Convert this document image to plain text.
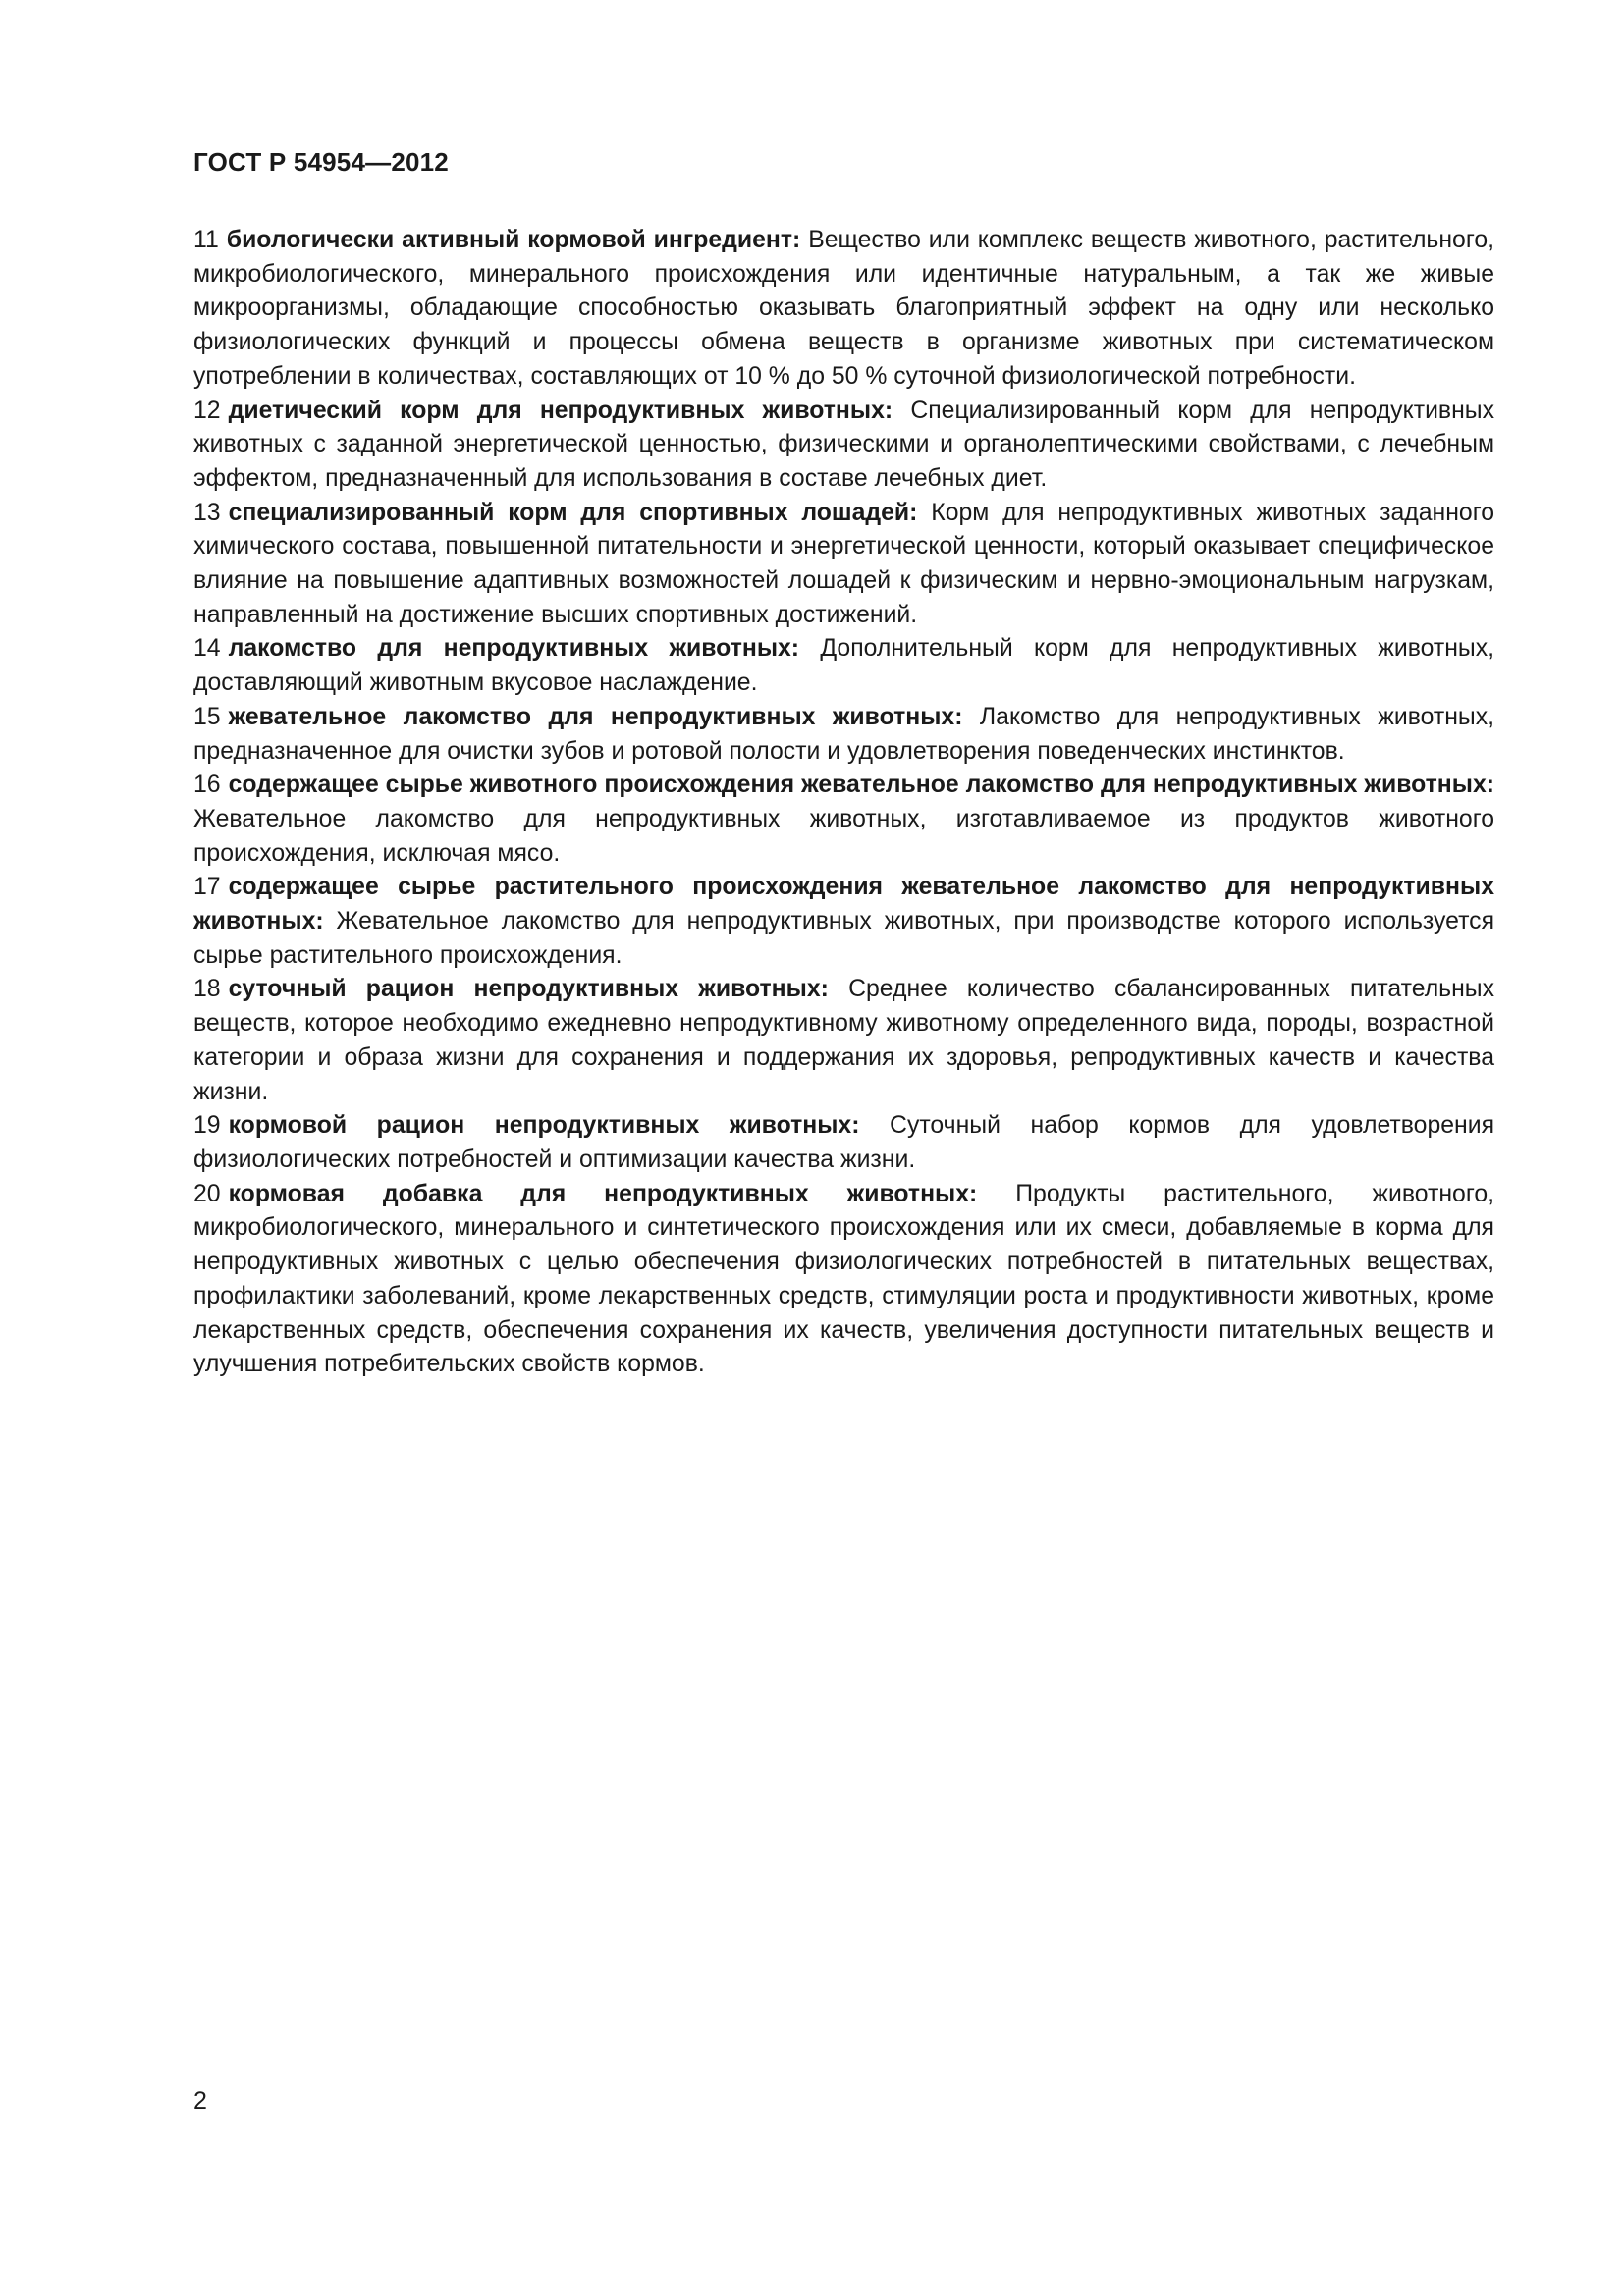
ГОСТ Р 54954—2012

11 биологически активный кормовой ингредиент: Вещество или комплекс веществ животного, растительного, микробиологического, минерального происхождения или идентичные натуральным, а так же живые микроорганизмы, обладающие способностью оказывать благоприятный эффект на одну или несколько физиологических функций и процессы обмена веществ в организме животных при систематическом употреблении в количествах, составляющих от 10 % до 50 % суточной физиологической потребности.

12 диетический корм для непродуктивных животных: Специализированный корм для непродуктивных животных с заданной энергетической ценностью, физическими и органолептическими свойствами, с лечебным эффектом, предназначенный для использования в составе лечебных диет.

13 специализированный корм для спортивных лошадей: Корм для непродуктивных животных заданного химического состава, повышенной питательности и энергетической ценности, который оказывает специфическое влияние на повышение адаптивных возможностей лошадей к физическим и нервно-эмоциональным нагрузкам, направленный на достижение высших спортивных достижений.

14 лакомство для непродуктивных животных: Дополнительный корм для непродуктивных животных, доставляющий животным вкусовое наслаждение.

15 жевательное лакомство для непродуктивных животных: Лакомство для непродуктивных животных, предназначенное для очистки зубов и ротовой полости и удовлетворения поведенческих инстинктов.

16 содержащее сырье животного происхождения жевательное лакомство для непродуктивных животных:Жевательное лакомство для непродуктивных животных, изготавливаемое из продуктов животного происхождения, исключая мясо.

17 содержащее сырье растительного происхождения жевательное лакомство для непродуктивных животных: Жевательное лакомство для непродуктивных животных, при производстве которого используется сырье растительного происхождения.

18 суточный рацион непродуктивных животных: Среднее количество сбалансированных питательных веществ, которое необходимо ежедневно непродуктивному животному определенного вида, породы, возрастной категории и образа жизни для сохранения и поддержания их здоровья, репродуктивных качеств и качества жизни.

19 кормовой рацион непродуктивных животных: Суточный набор кормов для удовлетворения физиологических потребностей и оптимизации качества жизни.

20 кормовая добавка для непродуктивных животных: Продукты растительного, животного, микробиологического, минерального и синтетического происхождения или их смеси, добавляемые в корма для непродуктивных животных с целью обеспечения физиологических потребностей в питательных веществах, профилактики заболеваний, кроме лекарственных средств, стимуляции роста и продуктивности животных, кроме лекарственных средств, обеспечения сохранения их качеств, увеличения доступности питательных веществ и улучшения потребительских свойств кормов.

2
